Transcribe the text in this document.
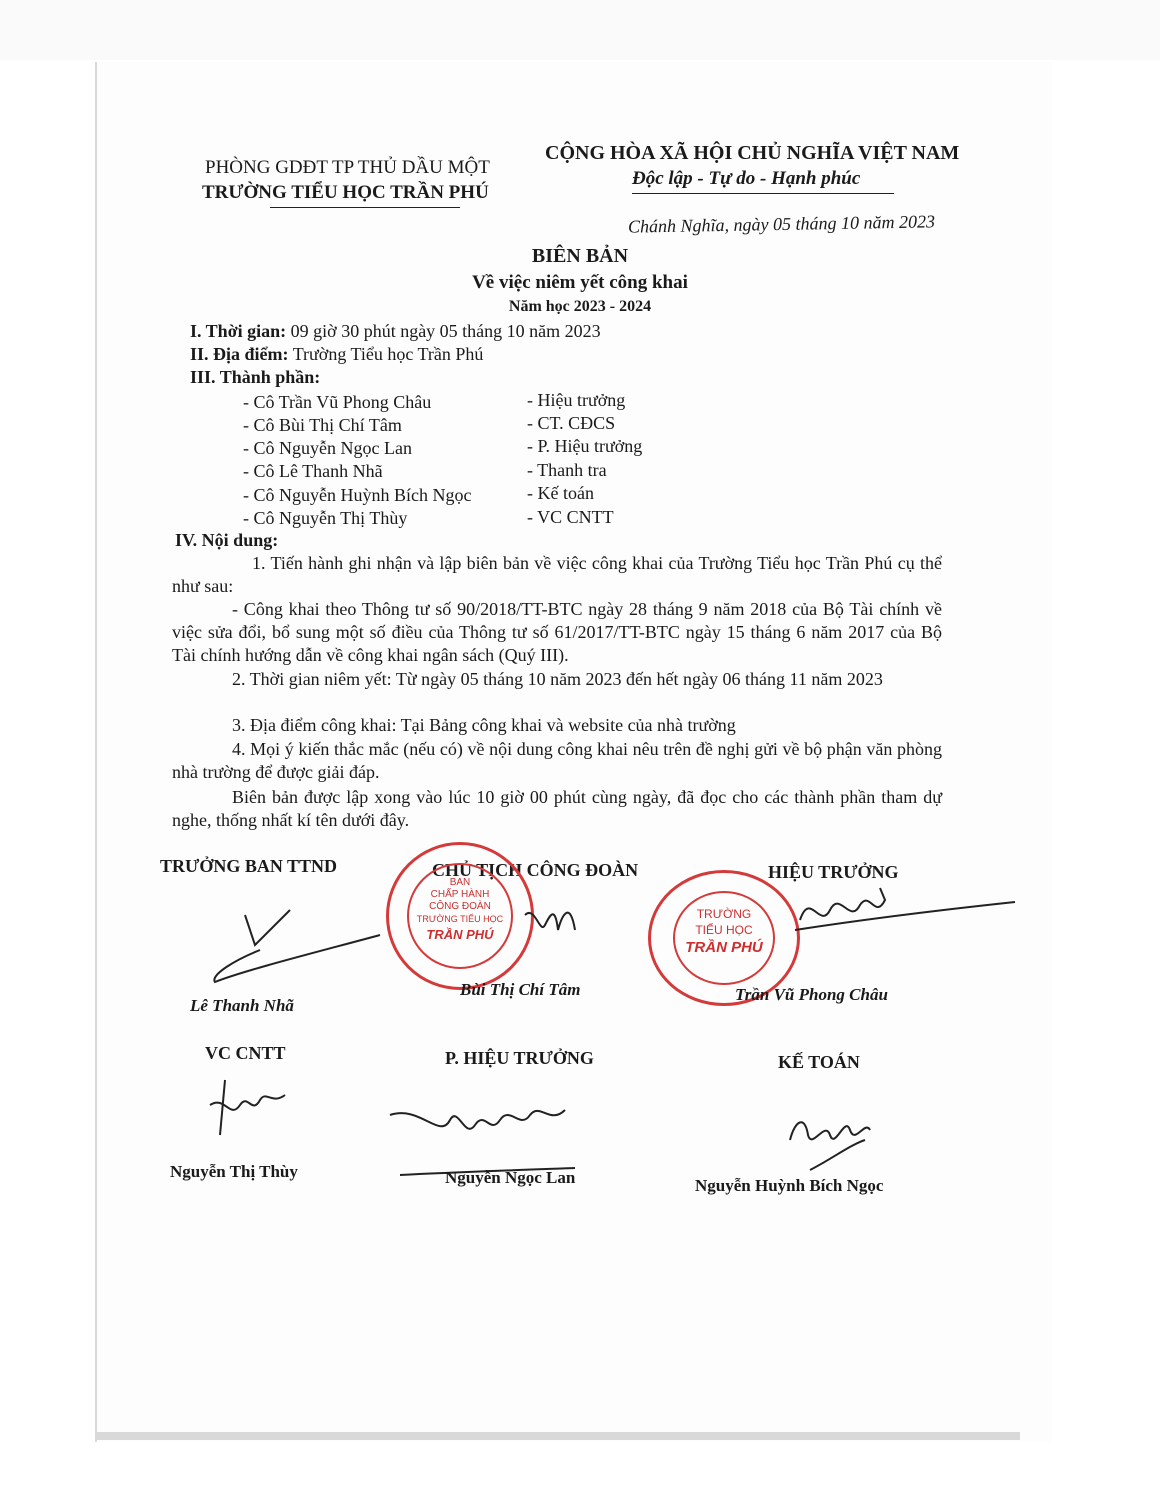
PHÒNG GDĐT TP THỦ DẦU MỘT
TRƯỜNG TIỂU HỌC TRẦN PHÚ
CỘNG HÒA XÃ HỘI CHỦ NGHĨA VIỆT NAM
Độc lập - Tự do - Hạnh phúc
Chánh Nghĩa, ngày 05 tháng 10 năm 2023
BIÊN BẢN
Về việc niêm yết công khai
Năm học 2023 - 2024
I. Thời gian: 09 giờ 30 phút ngày 05 tháng 10 năm 2023
II. Địa điểm: Trường Tiểu học Trần Phú
III. Thành phần:
- Cô Trần Vũ Phong Châu	- Hiệu trưởng
- Cô Bùi Thị Chí Tâm	- CT. CĐCS
- Cô Nguyễn Ngọc Lan	- P. Hiệu trưởng
- Cô Lê Thanh Nhã	- Thanh tra
- Cô Nguyễn Huỳnh Bích Ngọc	- Kế toán
- Cô Nguyễn Thị Thùy	- VC CNTT
IV. Nội dung:
1. Tiến hành ghi nhận và lập biên bản về việc công khai của Trường Tiểu học Trần Phú cụ thể như sau:
- Công khai theo Thông tư số 90/2018/TT-BTC ngày 28 tháng 9 năm 2018 của Bộ Tài chính về việc sửa đổi, bổ sung một số điều của Thông tư số 61/2017/TT-BTC ngày 15 tháng 6 năm 2017 của Bộ Tài chính hướng dẫn về công khai ngân sách (Quý III).
2. Thời gian niêm yết: Từ ngày 05 tháng 10 năm 2023 đến hết ngày 06 tháng 11 năm 2023
3. Địa điểm công khai: Tại Bảng công khai và website của nhà trường
4. Mọi ý kiến thắc mắc (nếu có) về nội dung công khai nêu trên đề nghị gửi về bộ phận văn phòng nhà trường để được giải đáp.
Biên bản được lập xong vào lúc 10 giờ 00 phút cùng ngày, đã đọc cho các thành phần tham dự nghe, thống nhất kí tên dưới đây.
TRƯỞNG BAN TTND	CHỦ TỊCH CÔNG ĐOÀN	HIỆU TRƯỞNG
BAN
CHẤP HÀNH
CÔNG ĐOÀN
TRƯỜNG TIỂU HỌC
TRẦN PHÚ
TRƯỜNG
TIỂU HỌC
TRẦN PHÚ
Lê Thanh Nhã
Bùi Thị Chí Tâm	Trần Vũ Phong Châu
VC CNTT	P. HIỆU TRƯỞNG	KẾ TOÁN
Nguyễn Thị Thùy	Nguyễn Ngọc Lan	Nguyễn Huỳnh Bích Ngọc
